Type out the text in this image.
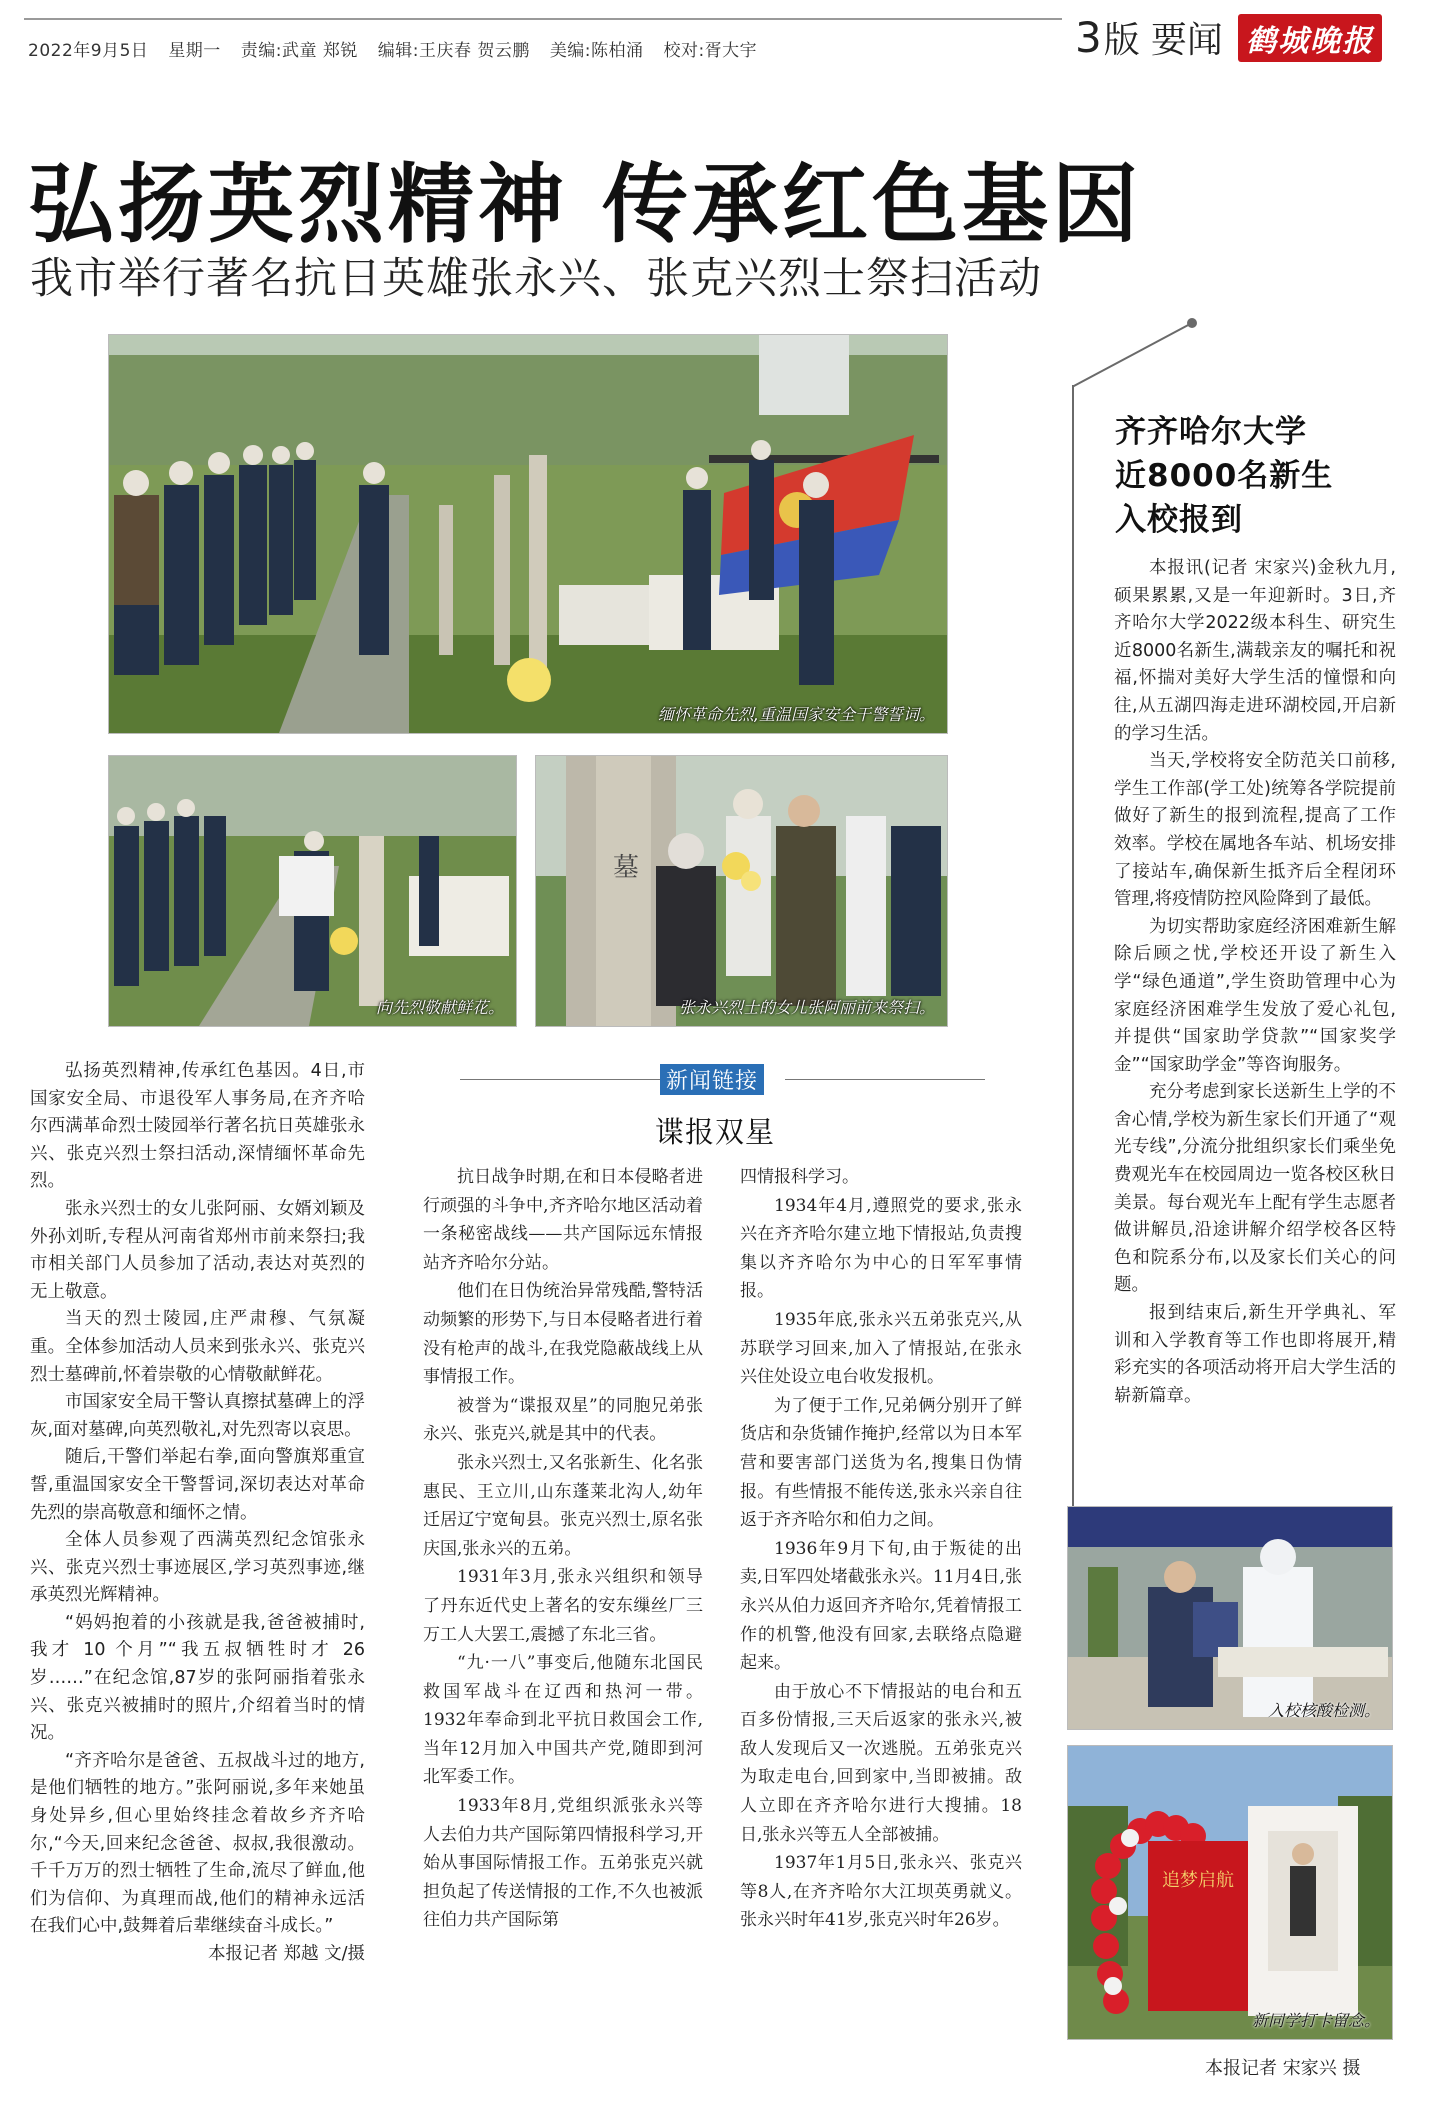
2022年9月5日 星期一 责编:武童 郑锐 编辑:王庆春 贺云鹏 美编:陈柏涌 校对:胥大宇	3版 要闻 鹤城晚报
弘扬英烈精神 传承红色基因
我市举行著名抗日英雄张永兴、张克兴烈士祭扫活动
缅怀革命先烈,重温国家安全干警誓词。
向先烈敬献鲜花。
墓
张永兴烈士的女儿张阿丽前来祭扫。

弘扬英烈精神,传承红色基因。4日,市国家安全局、市退役军人事务局,在齐齐哈尔西满革命烈士陵园举行著名抗日英雄张永兴、张克兴烈士祭扫活动,深情缅怀革命先烈。

张永兴烈士的女儿张阿丽、女婿刘颖及外孙刘昕,专程从河南省郑州市前来祭扫;我市相关部门人员参加了活动,表达对英烈的无上敬意。

当天的烈士陵园,庄严肃穆、气氛凝重。全体参加活动人员来到张永兴、张克兴烈士墓碑前,怀着崇敬的心情敬献鲜花。

市国家安全局干警认真擦拭墓碑上的浮灰,面对墓碑,向英烈敬礼,对先烈寄以哀思。

随后,干警们举起右拳,面向警旗郑重宣誓,重温国家安全干警誓词,深切表达对革命先烈的崇高敬意和缅怀之情。

全体人员参观了西满英烈纪念馆张永兴、张克兴烈士事迹展区,学习英烈事迹,继承英烈光辉精神。

“妈妈抱着的小孩就是我,爸爸被捕时,我才 10 个月”“我五叔牺牲时才 26 岁……”在纪念馆,87岁的张阿丽指着张永兴、张克兴被捕时的照片,介绍着当时的情况。

“齐齐哈尔是爸爸、五叔战斗过的地方,是他们牺牲的地方。”张阿丽说,多年来她虽身处异乡,但心里始终挂念着故乡齐齐哈尔,“今天,回来纪念爸爸、叔叔,我很激动。千千万万的烈士牺牲了生命,流尽了鲜血,他们为信仰、为真理而战,他们的精神永远活在我们心中,鼓舞着后辈继续奋斗成长。”

本报记者 郑越 文/摄
新闻链接
谍报双星

抗日战争时期,在和日本侵略者进行顽强的斗争中,齐齐哈尔地区活动着一条秘密战线——共产国际远东情报站齐齐哈尔分站。

他们在日伪统治异常残酷,警特活动频繁的形势下,与日本侵略者进行着没有枪声的战斗,在我党隐蔽战线上从事情报工作。

被誉为“谍报双星”的同胞兄弟张永兴、张克兴,就是其中的代表。

张永兴烈士,又名张新生、化名张惠民、王立川,山东蓬莱北沟人,幼年迁居辽宁宽甸县。张克兴烈士,原名张庆国,张永兴的五弟。

1931年3月,张永兴组织和领导了丹东近代史上著名的安东缫丝厂三万工人大罢工,震撼了东北三省。

“九·一八”事变后,他随东北国民救国军战斗在辽西和热河一带。1932年奉命到北平抗日救国会工作,当年12月加入中国共产党,随即到河北军委工作。

1933年8月,党组织派张永兴等人去伯力共产国际第四情报科学习,开始从事国际情报工作。五弟张克兴就担负起了传送情报的工作,不久也被派往伯力共产国际第

四情报科学习。

1934年4月,遵照党的要求,张永兴在齐齐哈尔建立地下情报站,负责搜集以齐齐哈尔为中心的日军军事情报。

1935年底,张永兴五弟张克兴,从苏联学习回来,加入了情报站,在张永兴住处设立电台收发报机。

为了便于工作,兄弟俩分别开了鲜货店和杂货铺作掩护,经常以为日本军营和要害部门送货为名,搜集日伪情报。有些情报不能传送,张永兴亲自往返于齐齐哈尔和伯力之间。

1936年9月下旬,由于叛徒的出卖,日军四处堵截张永兴。11月4日,张永兴从伯力返回齐齐哈尔,凭着情报工作的机警,他没有回家,去联络点隐避起来。

由于放心不下情报站的电台和五百多份情报,三天后返家的张永兴,被敌人发现后又一次逃脱。五弟张克兴为取走电台,回到家中,当即被捕。敌人立即在齐齐哈尔进行大搜捕。18日,张永兴等五人全部被捕。

1937年1月5日,张永兴、张克兴等8人,在齐齐哈尔大江坝英勇就义。张永兴时年41岁,张克兴时年26岁。

齐齐哈尔大学
近8000名新生
入校报到

本报讯(记者 宋家兴)金秋九月,硕果累累,又是一年迎新时。3日,齐齐哈尔大学2022级本科生、研究生近8000名新生,满载亲友的嘱托和祝福,怀揣对美好大学生活的憧憬和向往,从五湖四海走进环湖校园,开启新的学习生活。

当天,学校将安全防范关口前移,学生工作部(学工处)统筹各学院提前做好了新生的报到流程,提高了工作效率。学校在属地各车站、机场安排了接站车,确保新生抵齐后全程闭环管理,将疫情防控风险降到了最低。

为切实帮助家庭经济困难新生解除后顾之忧,学校还开设了新生入学“绿色通道”,学生资助管理中心为家庭经济困难学生发放了爱心礼包,并提供“国家助学贷款”“国家奖学金”“国家助学金”等咨询服务。

充分考虑到家长送新生上学的不舍心情,学校为新生家长们开通了“观光专线”,分流分批组织家长们乘坐免费观光车在校园周边一览各校区秋日美景。每台观光车上配有学生志愿者做讲解员,沿途讲解介绍学校各区特色和院系分布,以及家长们关心的问题。

报到结束后,新生开学典礼、军训和入学教育等工作也即将展开,精彩充实的各项活动将开启大学生活的崭新篇章。

入校核酸检测。
追梦启航
新同学打卡留念。
本报记者 宋家兴 摄
